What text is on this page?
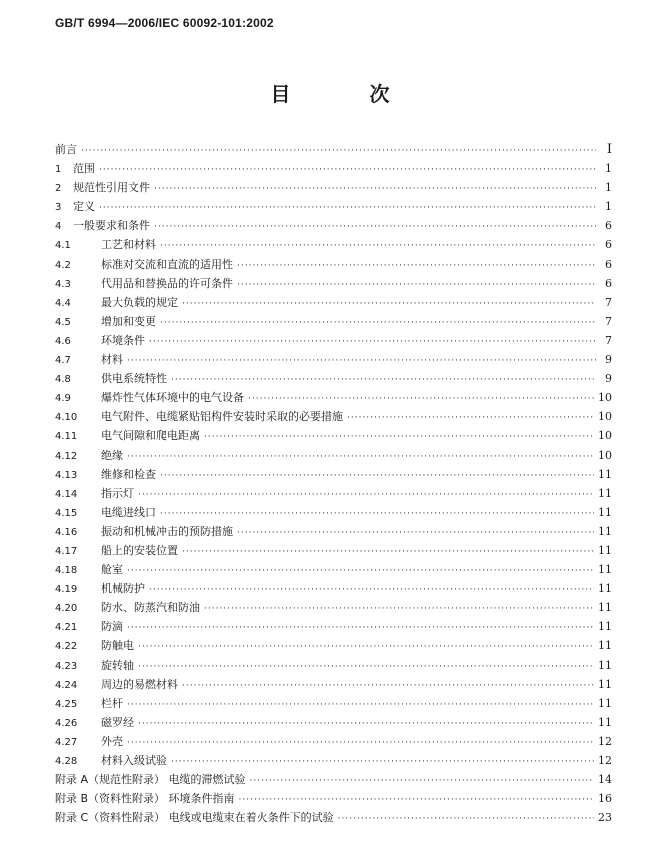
GB/T 6994—2006/IEC 60092-101:2002
目 次
前言 ·····	Ⅰ
1	范围 ·····	1
2	规范性引用文件 ·····	1
3	定义 ·····	1
4	一般要求和条件 ·····	6
4.1	工艺和材料 ·····	6
4.2	标准对交流和直流的适用性 ·····	6
4.3	代用品和替换品的许可条件 ·····	6
4.4	最大负载的规定 ·····	7
4.5	增加和变更 ·····	7
4.6	环境条件 ·····	7
4.7	材料 ·····	9
4.8	供电系统特性 ·····	9
4.9	爆炸性气体环境中的电气设备 ·····	10
4.10	电气附件、电缆紧贴铝构件安装时采取的必要措施 ·····	10
4.11	电气间隙和爬电距离 ·····	10
4.12	绝缘 ·····	10
4.13	维修和检查 ·····	11
4.14	指示灯 ·····	11
4.15	电缆进线口 ·····	11
4.16	振动和机械冲击的预防措施 ·····	11
4.17	船上的安装位置 ·····	11
4.18	舱室 ·····	11
4.19	机械防护 ·····	11
4.20	防水、防蒸汽和防油 ·····	11
4.21	防滴 ·····	11
4.22	防触电 ·····	11
4.23	旋转轴 ·····	11
4.24	周边的易燃材料 ·····	11
4.25	栏杆 ·····	11
4.26	磁罗经 ·····	11
4.27	外壳 ·····	12
4.28	材料入级试验 ·····	12
附录 A（规范性附录） 电缆的滞燃试验 ·····	14
附录 B（资料性附录） 环境条件指南 ·····	16
附录 C（资料性附录） 电线或电缆束在着火条件下的试验 ·····	23
